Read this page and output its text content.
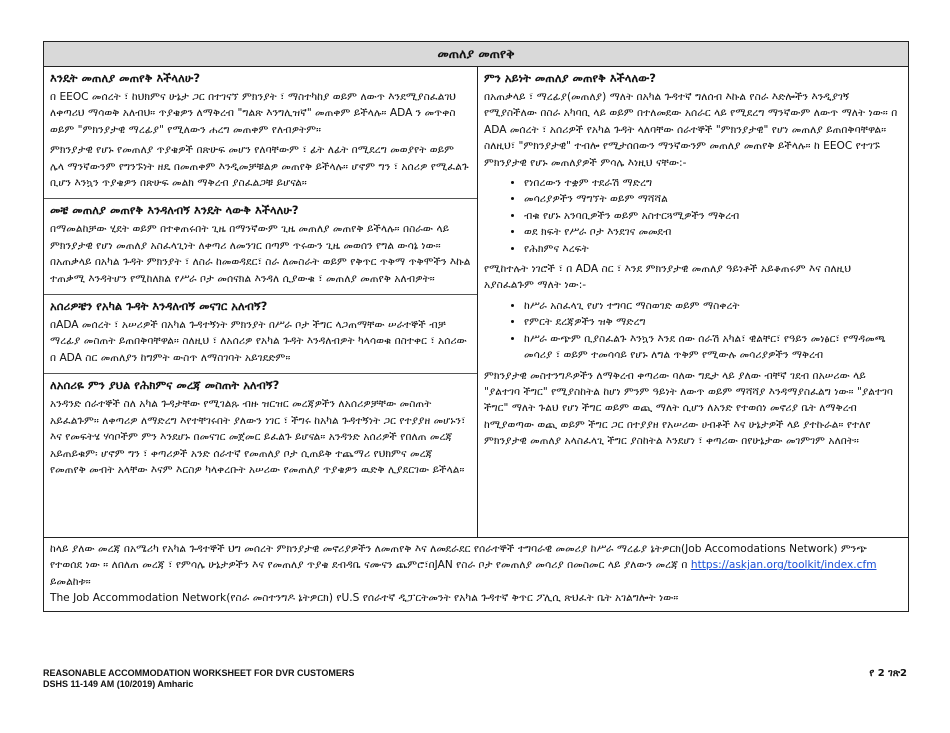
መጠለያ መጠየቅ
እንዴት መጠለያ መጠየቅ እችላለሁ?

በ EEOC መሰረት ፣ ከህክምና ሁኔታ ጋር በተገናኘ ምክንያት ፣ ማስተካከያ ወይም ለውጥ እንደሚያስፈልገህ ለቀጣሪህ ማሳወቅ አለብህ። ጥያቄዎን ለማቅረብ "ግልጽ እንግሊዝኛ" መጠቀም ይችላሉ። ADA ን መጥቀስ ወይም "ምክንያታዊ ማረፊያ" የሚለውን ሐረግ መጠቀም የለብዎትም።

ምክንያታዊ የሆኑ የመጠለያ ጥያቄዎች በጽሁፍ መሆን የለባቸውም ፣ ፊት ለፊት በሚደረግ መወያየት ወይም ሌላ ማንኛውንም የግንኙነት ዘዴ በመጠቀም እንዲመቻቹልዎ መጠየቅ ይችላሉ። ሆኖም ግን ፣ አሰሪዎ የሚፈልጉ ቢሆን እንኳን ጥያቄዎን በጽሁፍ መልክ ማቅረብ ያስፈልጋቹ ይሆናል።

መቼ መጠለያ መጠየቅ እንዳለብኝ እንዴት ላውቅ እችላለሁ?

በማመልከቻው ሂደት ወይም በተቀጠሩበት ጊዜ በማንኛውም ጊዜ መጠለያ መጠየቅ ይችላሉ። በስራው ላይ ምክንያታዊ የሆነ መጠለያ አስፈላጊነት ለቀጣሪ ለመንገር በጣም ጥሩውን ጊዜ መወሰን የግል ውሳኔ ነው። በአጠቃላይ በአካል ጉዳት ምክንያት ፣ ለስራ ከመወዳደር፣ ስራ ለመስራት ወይም የቅጥር ጥቅማ ጥቅሞችን እኩል ተጠቃሚ እንዳትሆን የሚከለክል የሥራ ቦታ መሰናክል እንዳለ ሲያውቁ ፣ መጠለያ መጠየቅ አለብዎት።

አሰሪዎቼን የአካል ጉዳት እንዳለብኝ መናገር አለብኝ?

በADA መሰረት ፣ አሠሪዎች በአካል ጉዳተኝነት ምክንያት በሥራ ቦታ ችግር ላጋጠማቸው ሠራተኞች ብቻ ማረፊያ መስጠት ይጠበቅባቸዋል። ስለዚህ ፣ ለአሰሪዎ የአካል ጉዳት እንዳለብዎት ካላሳወቁ በስተቀር ፣ አሰሪው በ ADA ስር መጠለያን ከግምት ውስጥ ለማስገባት አይገደድም።

ለአሰሪዬ ምን ያህል የሕክምና መረጃ መስጠት አለብኝ?

አንዳንድ ሰራተኞች ስለ አካል ጉዳታቸው የሚገልጹ ብዙ ዝርዝር መረጃዎችን ለአሰሪዎቻቸው መስጠት አይፈልጉም። ለቀጣሪዎ ለማድረግ እየተቸገሩበት ያለውን ነገር ፣ ችግሩ ከአካል ጉዳተኝነት ጋር የተያያዘ መሆኑን፣ እና የመፍትሄ ሃሳቦችም ምን እንደሆኑ በመናገር መጀመር ይፈልጉ ይሆናል። አንዳንድ አሰሪዎች የበለጠ መረጃ አይጠይቁም፡ ሆኖም ግን ፣ ቀጣሪዎች አንድ ሰራተኛ የመጠለያ ቦታ ሲጠይቅ ተጨማሪ የህክምና መረጃ የመጠየቅ መብት አላቸው እናም እርስዎ ካላቀረቡት አሠሪው የመጠለያ ጥያቄዎን ዉድቅ ሊያደርገው ይችላል።

ምን አይነት መጠለያ መጠየቅ እችላለው?

በአጠቃላይ ፣ ማረፊያ(መጠለያ) ማለት በአካል ጉዳተኛ ግለሰብ እኩል የስራ እድሎችን እንዲያገኝ የሚያስችለው በስራ አካባቢ ላይ ወይም በተለመደው አሰራር ላይ የሚደረግ ማንኛውም ለውጥ ማለት ነው። በ ADA መሰረት ፣ አሰሪዎች የአካል ጉዳት ላለባቸው ሰራተኞች "ምክንያታዊ" የሆነ መጠለያ ይጠበቅባቸዋል። ስለዚህ፣ "ምክንያታዊ" ተብሎ የሚታሰበውን ማንኛውንም መጠለያ መጠየቅ ይችላሉ። ከ EEOC የተገኙ ምክንያታዊ የሆኑ መጠለያዎች ምሳሌ እነዚህ ናቸው:-

• የነበረውን ተቋም ተደራሽ ማድረግ
• መሳሪያዎችን ማግኘት ወይም ማሻሻል
• ብቁ የሆኑ አንባቢዎችን ወይም አስተርጓሚዎችን ማቅረብ
• ወደ ክፍት የሥራ ቦታ እንደገና መመደብ
• የሕክምና እረፍት

የሚከተሉት ነገሮች ፣ በ ADA ስር ፣ እንደ ምክንያታዊ መጠለያ ዓይነቶች አይቆጠሩም እና ስለዚህ አያስፈልጉም ማለት ነው:-

• ከሥራ አስፈላጊ የሆነ ተግባር ማስወገድ ወይም ማስቀረት
• የምርት ደረጃዎችን ዝቅ ማድረግ
• ከሥራ ውጭም ቢያስፈልጉ እንኳን እንደ ሰው ሰራሽ አካል፣ ዊልቸር፣ የዓይን መነፅር፣ የማዳመጫ መሳሪያ ፣ ወይም ተመሳሳይ የሆኑ ለግል ጥቅም የሚውሉ መሳሪያዎችን ማቅረብ

ምክንያታዊ መስተንግዶዎችን ለማቅረብ ቀጣሪው ባለው ግዴታ ላይ ያለው ብቸኛ ገደብ በአሠሪው ላይ "ያልተገባ ችግር" የሚያስከትል ከሆነ ምንም ዓይነት ለውጥ ወይም ማሻሻያ እንዳማያስፈልግ ነው። "ያልተገባ ችግር" ማለት ጉልህ የሆነ ችግር ወይም ወጪ ማለት ሲሆን ለአንድ የተወሰነ መኖሪያ ቤት ለማቅረብ ከሚያወጣው ወጪ ወይም ችግር ጋር በተያያዘ የአሠሪው ሀብቶች እና ሁኔታዎች ላይ ያተኩራል። የተለየ ምክንያታዊ መጠለያ አላስፈላጊ ችግር ያስከትል እንደሆነ ፣ ቀጣሪው በየሁኔታው መገምገም አለበት።

ከላይ ያለው መረጃ በአሜሪካ የአካል ጉዳተኞች ህግ መሰረት ምክንያታዊ መኖሪያዎችን ለመጠየቅ እና ለመደራደር የሰራተኞች ተግባራዊ መመሪያ ከሥራ ማረፊያ ኔትዎርክ(Job Accomodations Network) ምንጭ የተወሰደ ነው ። ለበለጠ መረጃ ፣ የምሳሌ ሁኔታዎችን እና የመጠለያ ጥያቄ ደብዳቤ ናሙናን ጨምሮ፣በJAN የስራ ቦታ የመጠለያ መሳሪያ በመስመር ላይ ያለውን መረጃ በ https://askjan.org/toolkit/index.cfm ይመልከቱ።

The Job Accommodation Network(የስራ መስተንግዶ ኔትዎርክ) የU.S የሰራተኛ ዲፓርትመንት የአካል ጉዳተኛ ቅጥር ፖሊሲ ጽህፈት ቤት አገልግሎት ነው።

REASONABLE ACCOMMODATION WORKSHEET FOR DVR CUSTOMERS
DSHS 11-149 AM (10/2019) Amharic
የ 2 ገጽ2
